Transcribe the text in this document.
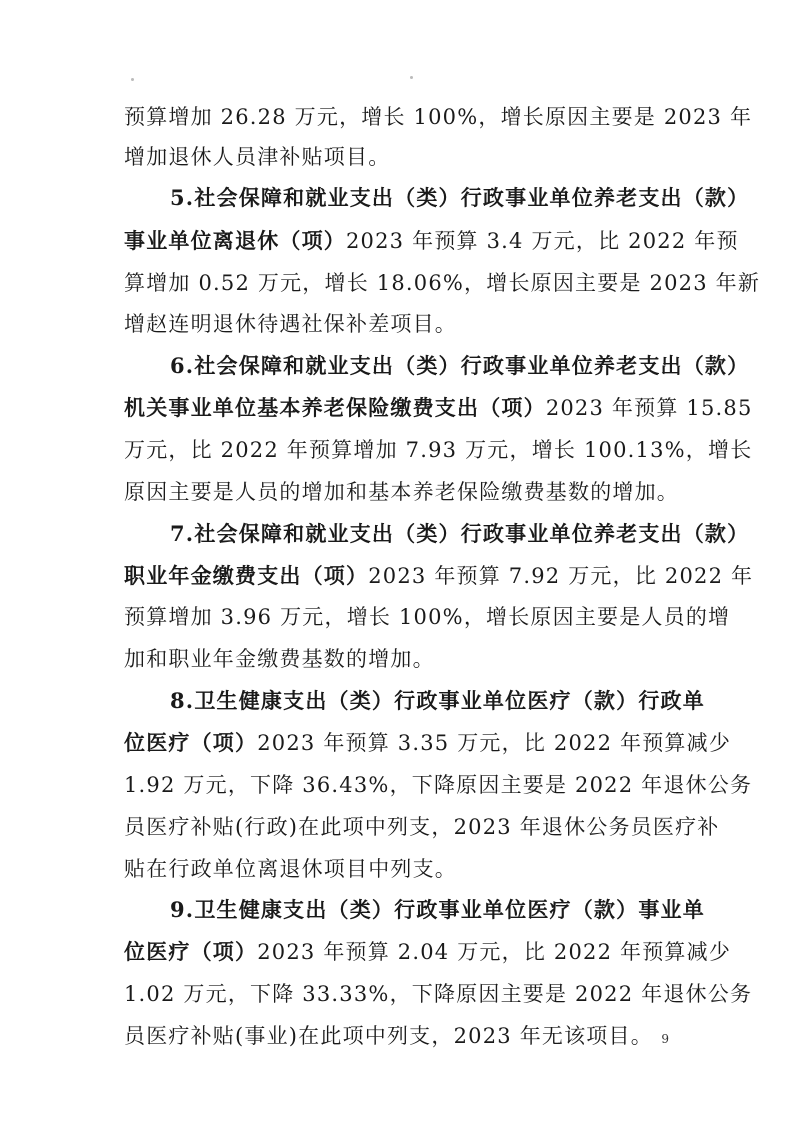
预算增加 26.28 万元，增长 100%，增长原因主要是 2023 年
增加退休人员津补贴项目。
5.社会保障和就业支出（类）行政事业单位养老支出（款）
事业单位离退休（项）2023 年预算 3.4 万元，比 2022 年预
算增加 0.52 万元，增长 18.06%，增长原因主要是 2023 年新
增赵连明退休待遇社保补差项目。
6.社会保障和就业支出（类）行政事业单位养老支出（款）
机关事业单位基本养老保险缴费支出（项）2023 年预算 15.85
万元，比 2022 年预算增加 7.93 万元，增长 100.13%，增长
原因主要是人员的增加和基本养老保险缴费基数的增加。
7.社会保障和就业支出（类）行政事业单位养老支出（款）
职业年金缴费支出（项）2023 年预算 7.92 万元，比 2022 年
预算增加 3.96 万元，增长 100%，增长原因主要是人员的增
加和职业年金缴费基数的增加。
8.卫生健康支出（类）行政事业单位医疗（款）行政单
位医疗（项）2023 年预算 3.35 万元，比 2022 年预算减少
1.92 万元，下降 36.43%，下降原因主要是 2022 年退休公务
员医疗补贴(行政)在此项中列支，2023 年退休公务员医疗补
贴在行政单位离退休项目中列支。
9.卫生健康支出（类）行政事业单位医疗（款）事业单
位医疗（项）2023 年预算 2.04 万元，比 2022 年预算减少
1.02 万元，下降 33.33%，下降原因主要是 2022 年退休公务
员医疗补贴(事业)在此项中列支，2023 年无该项目。 9
